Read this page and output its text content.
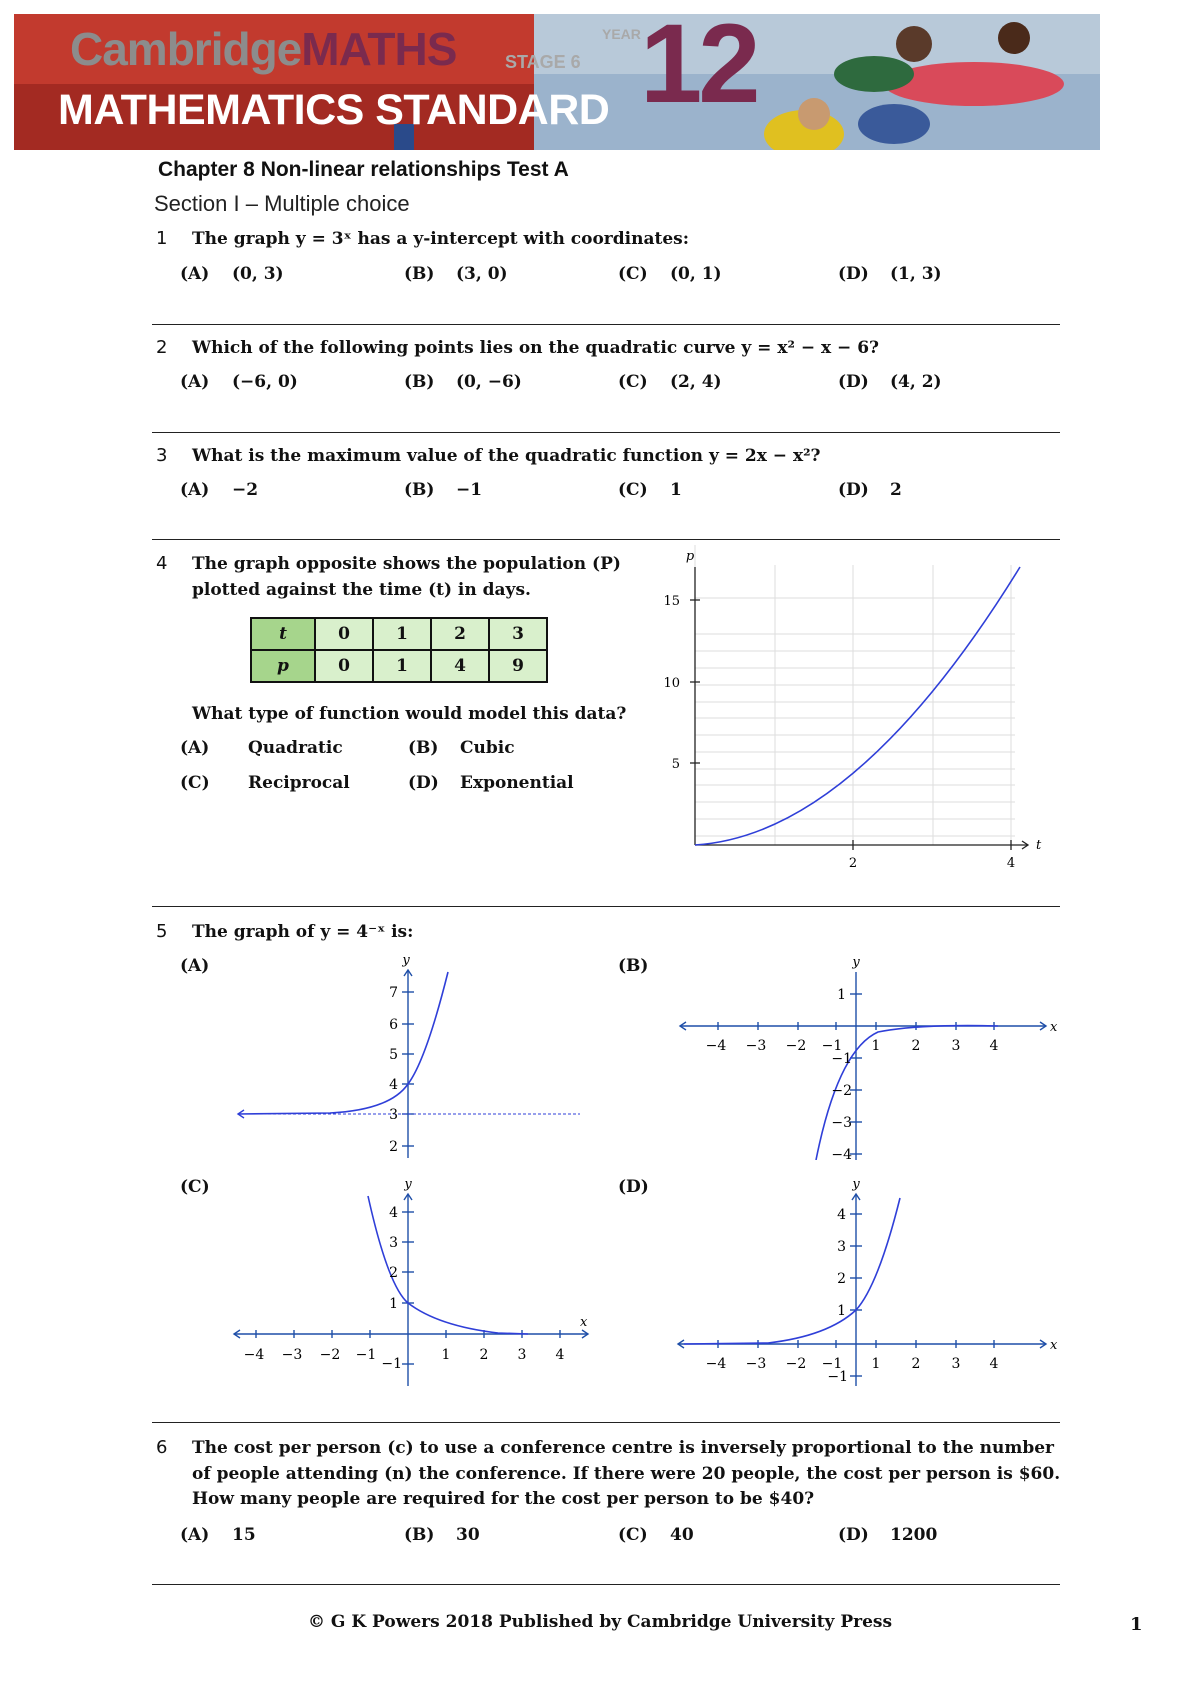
CambridgeMATHS	STAGE 6
YEAR 12
MATHEMATICS STANDARD
Chapter 8 Non-linear relationships Test A
Section I – Multiple choice
1 The graph y = 3ˣ has a y-intercept with coordinates:
(A) (0, 3)	(B) (3, 0)	(C) (0, 1)	(D) (1, 3)
2 Which of the following points lies on the quadratic curve y = x² − x − 6?
(A) (−6, 0)	(B) (0, −6)	(C) (2, 4)	(D) (4, 2)
3 What is the maximum value of the quadratic function y = 2x − x²?
(A) −2	(B) −1	(C) 1	(D) 2
4 The graph opposite shows the population (P)
plotted against the time (t) in days.
t	0	1	2	3
p	0	1	4	9
What type of function would model this data?
(A) Quadratic	(B) Cubic
(C) Reciprocal	(D) Exponential
p
t
15
10
5
2	4
5 The graph of y = 4⁻ˣ is:
(A)	(B)
(C)	(D)
y
7
6
5
4
3
2
y
x
1
−1
−2
−3
−4
−4 −3 −2 −1 1 2 3 4
y
x
4
3
2
1
−1
−4 −3 −2 −1	1 2 3 4
y
x
4
3
2
1
−1
−4 −3 −2 −1 1 2 3 4
6 The cost per person (c) to use a conference centre is inversely proportional to the number
of people attending (n) the conference. If there were 20 people, the cost per person is $60.
How many people are required for the cost per person to be $40?
(A) 15	(B) 30	(C) 40	(D) 1200
© G K Powers 2018 Published by Cambridge University Press	1
